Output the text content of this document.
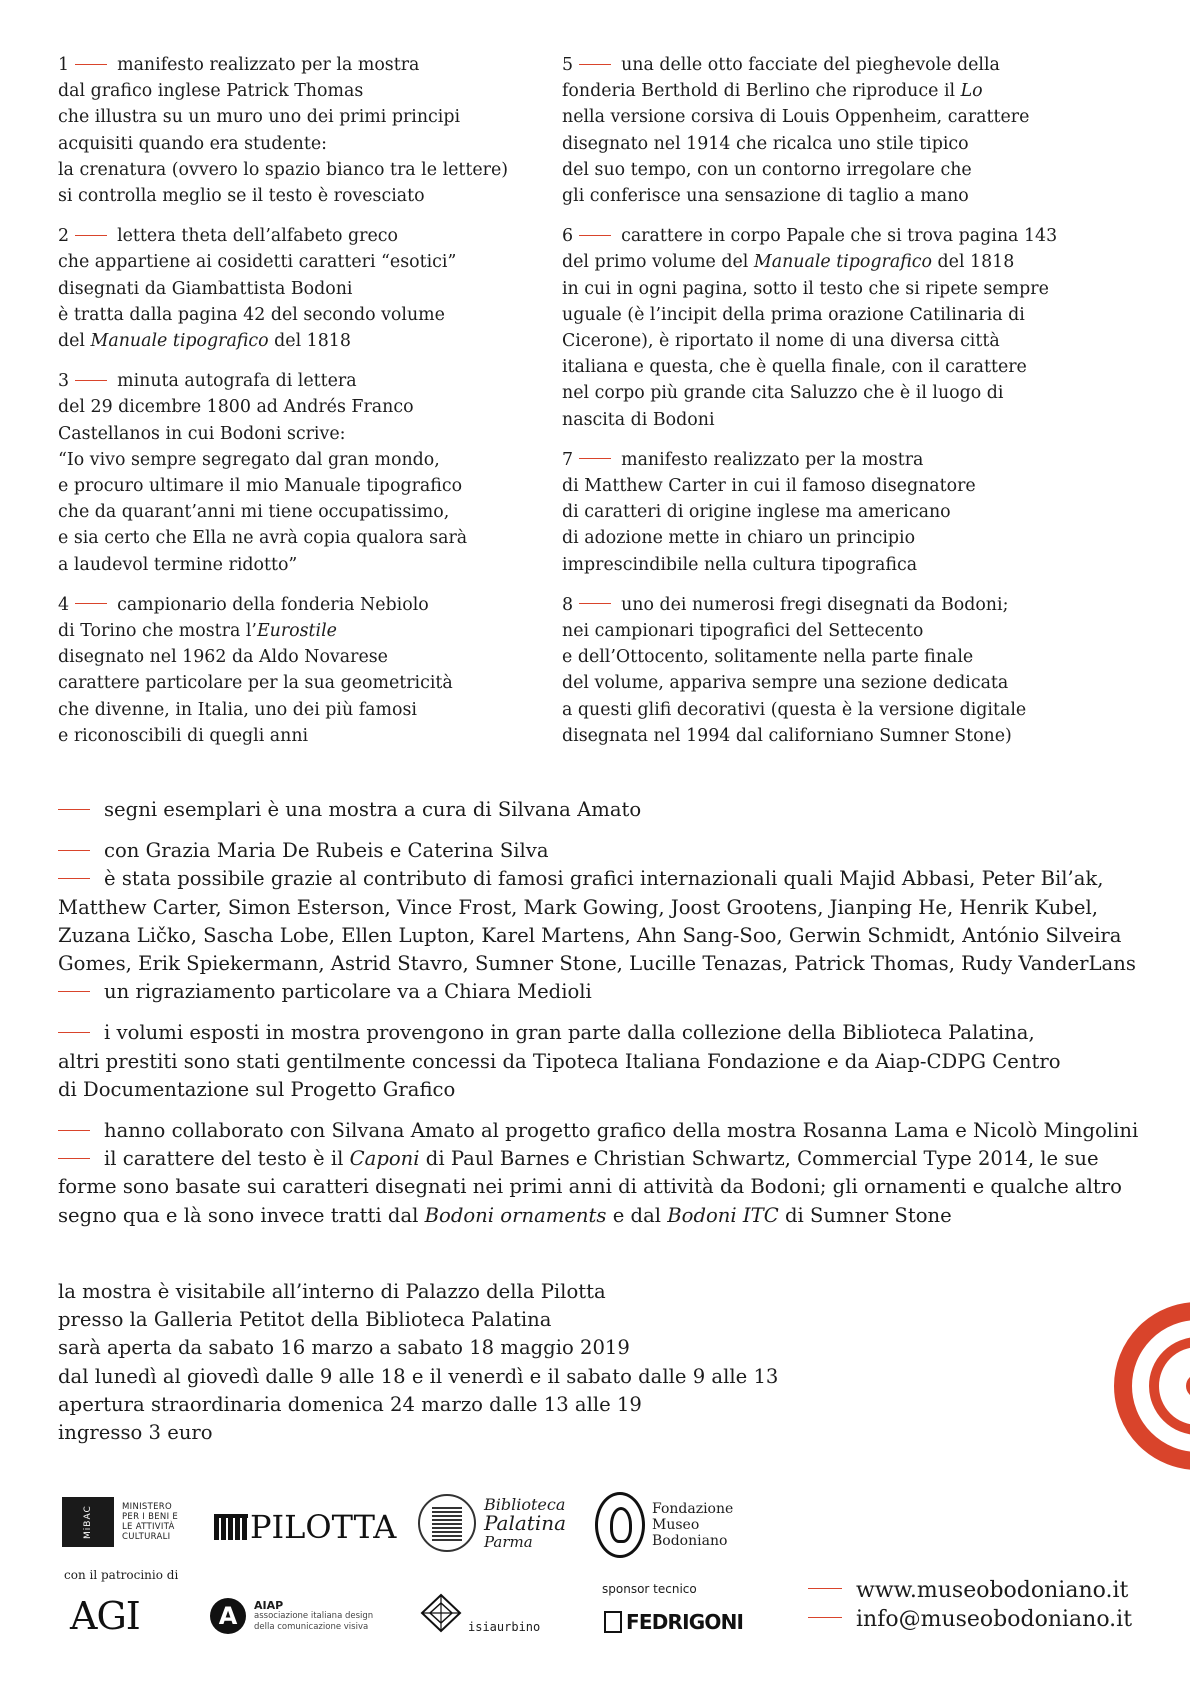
1	manifesto realizzato per la mostra

dal grafico inglese Patrick Thomas

che illustra su un muro uno dei primi principi

acquisiti quando era studente:

la crenatura (ovvero lo spazio bianco tra le lettere)

si controlla meglio se il testo è rovesciato

2	lettera theta dell’alfabeto greco

che appartiene ai cosidetti caratteri “esotici”

disegnati da Giambattista Bodoni

è tratta dalla pagina 42 del secondo volume

del Manuale tipografico del 1818

3	minuta autografa di lettera

del 29 dicembre 1800 ad Andrés Franco

Castellanos in cui Bodoni scrive:

“Io vivo sempre segregato dal gran mondo,

e procuro ultimare il mio Manuale tipografico

che da quarant’anni mi tiene occupatissimo,

e sia certo che Ella ne avrà copia qualora sarà

a laudevol termine ridotto”

4	campionario della fonderia Nebiolo

di Torino che mostra l’Eurostile

disegnato nel 1962 da Aldo Novarese

carattere particolare per la sua geometricità

che divenne, in Italia, uno dei più famosi

e riconoscibili di quegli anni

5	una delle otto facciate del pieghevole della

fonderia Berthold di Berlino che riproduce il Lo

nella versione corsiva di Louis Oppenheim, carattere

disegnato nel 1914 che ricalca uno stile tipico

del suo tempo, con un contorno irregolare che

gli conferisce una sensazione di taglio a mano

6	carattere in corpo Papale che si trova pagina 143

del primo volume del Manuale tipografico del 1818

in cui in ogni pagina, sotto il testo che si ripete sempre

uguale (è l’incipit della prima orazione Catilinaria di

Cicerone), è riportato il nome di una diversa città

italiana e questa, che è quella finale, con il carattere

nel corpo più grande cita Saluzzo che è il luogo di

nascita di Bodoni

7	manifesto realizzato per la mostra

di Matthew Carter in cui il famoso disegnatore

di caratteri di origine inglese ma americano

di adozione mette in chiaro un principio

imprescindibile nella cultura tipografica

8	uno dei numerosi fregi disegnati da Bodoni;

nei campionari tipografici del Settecento

e dell’Ottocento, solitamente nella parte finale

del volume, appariva sempre una sezione dedicata

a questi glifi decorativi (questa è la versione digitale

disegnata nel 1994 dal californiano Sumner Stone)

segni esemplari è una mostra a cura di Silvana Amato

con Grazia Maria De Rubeis e Caterina Silva

è stata possibile grazie al contributo di famosi grafici internazionali quali Majid Abbasi, Peter Bil’ak,

Matthew Carter, Simon Esterson, Vince Frost, Mark Gowing, Joost Grootens, Jianping He, Henrik Kubel,

Zuzana Ličko, Sascha Lobe, Ellen Lupton, Karel Martens, Ahn Sang-Soo, Gerwin Schmidt, António Silveira

Gomes, Erik Spiekermann, Astrid Stavro, Sumner Stone, Lucille Tenazas, Patrick Thomas, Rudy VanderLans

un rigraziamento particolare va a Chiara Medioli

i volumi esposti in mostra provengono in gran parte dalla collezione della Biblioteca Palatina,

altri prestiti sono stati gentilmente concessi da Tipoteca Italiana Fondazione e da Aiap-CDPG Centro

di Documentazione sul Progetto Grafico

hanno collaborato con Silvana Amato al progetto grafico della mostra Rosanna Lama e Nicolò Mingolini

il carattere del testo è il Caponi di Paul Barnes e Christian Schwartz, Commercial Type 2014, le sue

forme sono basate sui caratteri disegnati nei primi anni di attività da Bodoni; gli ornamenti e qualche altro

segno qua e là sono invece tratti dal Bodoni ornaments e dal Bodoni ITC di Sumner Stone

la mostra è visitabile all’interno di Palazzo della Pilotta

presso la Galleria Petitot della Biblioteca Palatina

sarà aperta da sabato 16 marzo a sabato 18 maggio 2019

dal lunedì al giovedì dalle 9 alle 18 e il venerdì e il sabato dalle 9 alle 13

apertura straordinaria domenica 24 marzo dalle 13 alle 19

ingresso 3 euro

MiBAC	MINISTERO
PER I BENI E
LE ATTIVITÀ
CULTURALI PILOTTA
Biblioteca
Palatina
Parma
Fondazione
Museo
Bodoniano
con il patrocinio di
AGI	A	AIAP
associazione italiana design
della comunicazione visiva	isiaurbino
sponsor tecnico
FEDRIGONI

www.museobodoniano.it

info@museobodoniano.it
